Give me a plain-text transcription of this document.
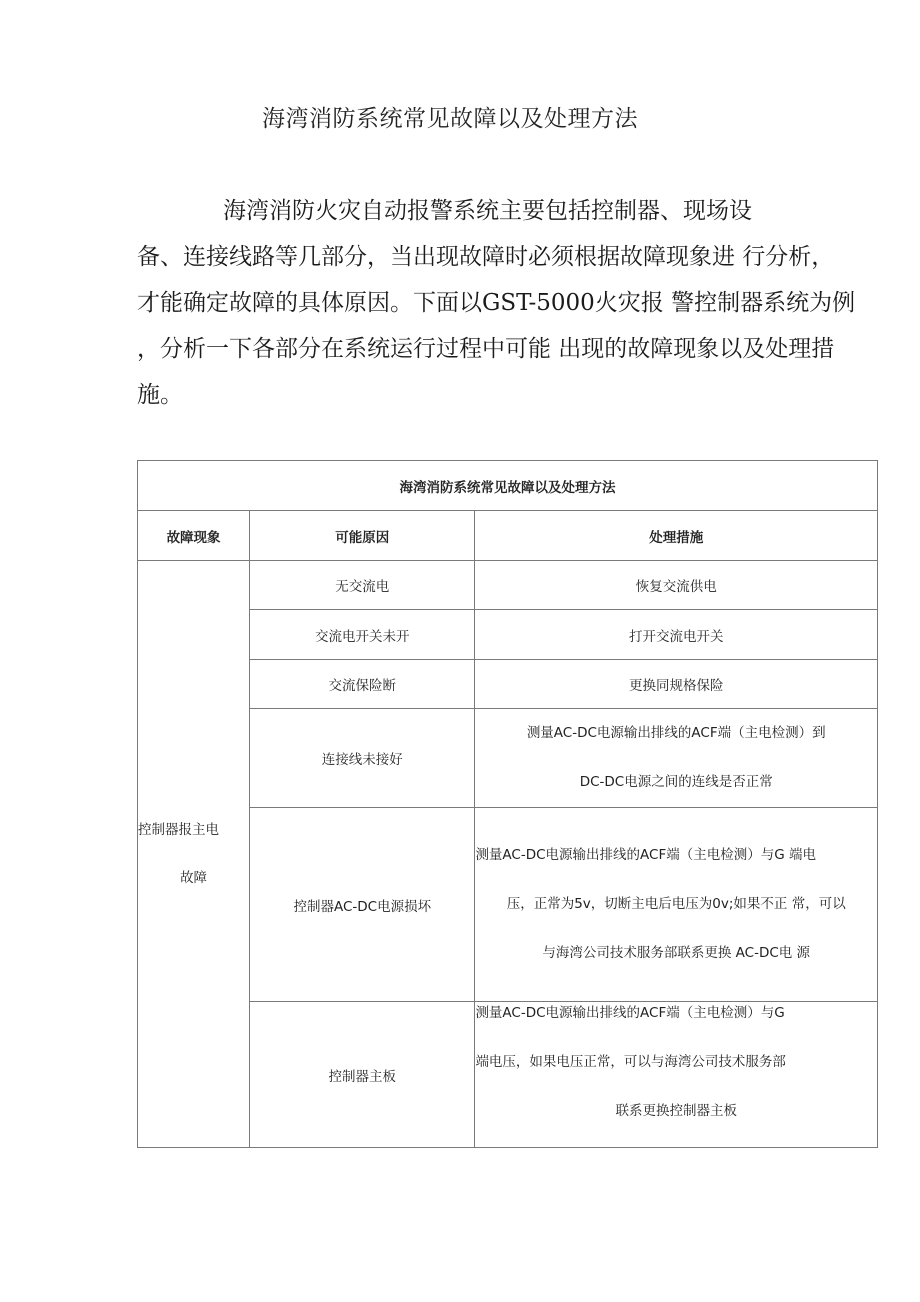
海湾消防系统常见故障以及处理方法
海湾消防火灾自动报警系统主要包括控制器、现场设
备、连接线路等几部分，当出现故障时必须根据故障现象进 行分析，
才能确定故障的具体原因。下面以GST-5000火灾报 警控制器系统为例
，分析一下各部分在系统运行过程中可能 出现的故障现象以及处理措
施。
海湾消防系统常见故障以及处理方法		
故障现象	可能原因	处理措施

控制器报主电
故障	无交流电	恢复交流供电
	交流电开关未开	打开交流电开关
	交流保险断	更换同规格保险
	连接线未接好	测量AC-DC电源输出排线的ACF端（主电检测）到
DC-DC电源之间的连线是否正常

	控制器AC-DC电源损坏	测量AC-DC电源输出排线的ACF端（主电检测）与G 端电
压，正常为5v，切断主电后电压为0v;如果不正 常，可以
与海湾公司技术服务部联系更换 AC-DC电 源

	控制器主板	测量AC-DC电源输出排线的ACF端（主电检测）与G
端电压，如果电压正常，可以与海湾公司技术服务部
联系更换控制器主板
